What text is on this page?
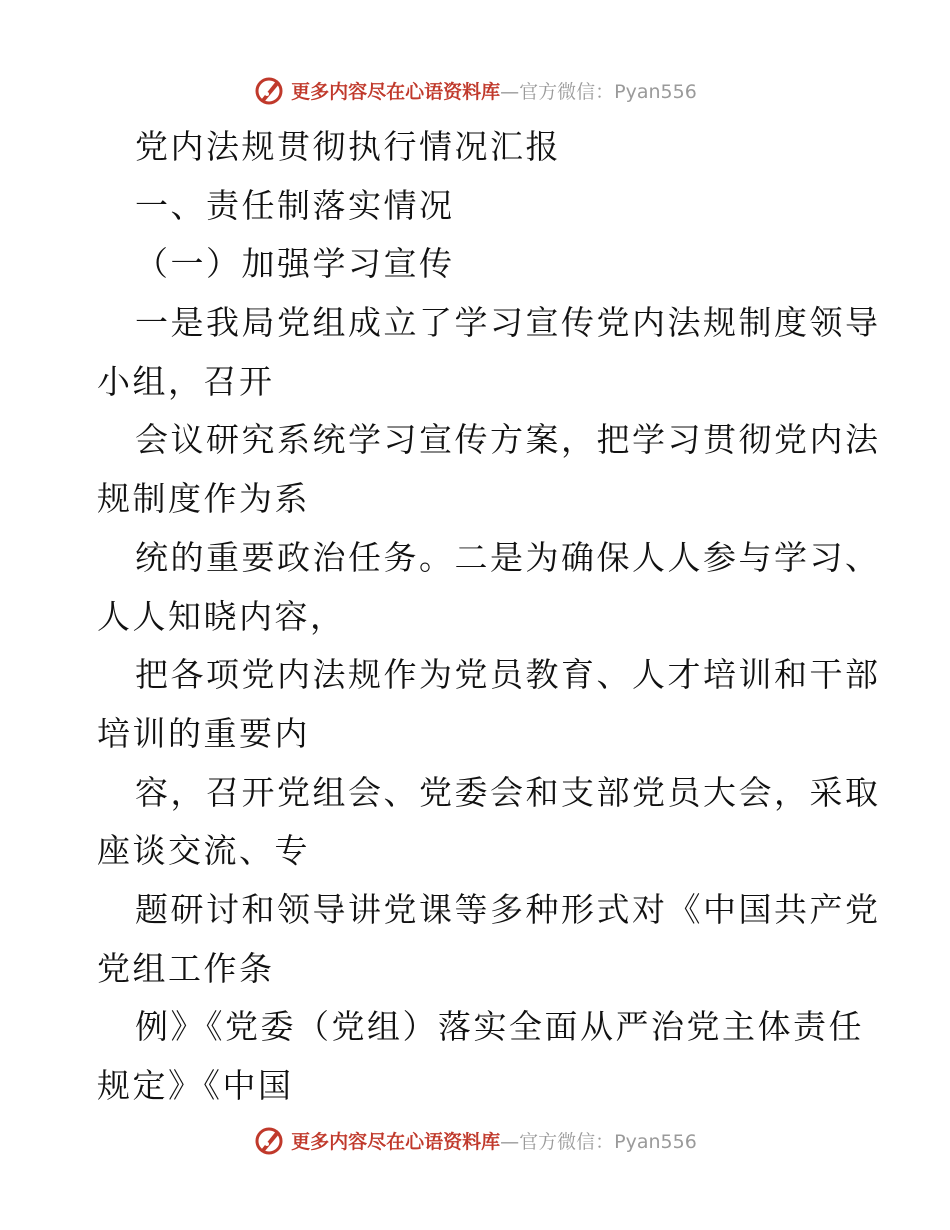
更多内容尽在心语资料库 —官方微信：Pyan556
党内法规贯彻执行情况汇报
一、责任制落实情况
（一）加强学习宣传
一是我局党组成立了学习宣传党内法规制度领导
小组，召开
会议研究系统学习宣传方案，把学习贯彻党内法
规制度作为系
统的重要政治任务。二是为确保人人参与学习、
人人知晓内容，
把各项党内法规作为党员教育、人才培训和干部
培训的重要内
容，召开党组会、党委会和支部党员大会，采取
座谈交流、专
题研讨和领导讲党课等多种形式对《中国共产党
党组工作条
例》《党委（党组）落实全面从严治党主体责任
规定》《中国
更多内容尽在心语资料库 —官方微信：Pyan556
